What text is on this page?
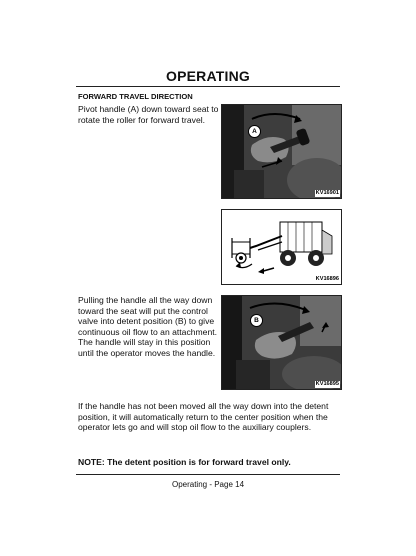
OPERATING
FORWARD TRAVEL DIRECTION
Pivot handle (A) down toward seat to rotate the roller for forward travel.
A
KV16901
KV16896
Pulling the handle all the way down toward the seat will put the control valve into detent position (B) to give continuous oil flow to an attachment. The handle will stay in this position until the operator moves the handle.
B
KV16895
If the handle has not been moved all the way down into the detent position, it will automatically return to the center position when the operator lets go and will stop oil flow to the auxiliary couplers.
NOTE: The detent position is for forward travel only.
Operating - Page 14
